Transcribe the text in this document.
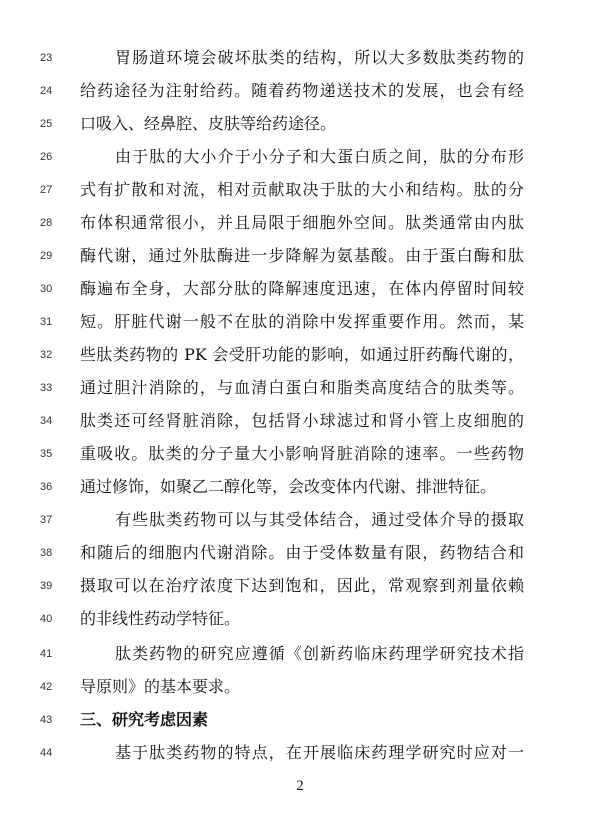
23	胃肠道环境会破坏肽类的结构，所以大多数肽类药物的
24	给药途径为注射给药。随着药物递送技术的发展，也会有经
25	口吸入、经鼻腔、皮肤等给药途径。
26	由于肽的大小介于小分子和大蛋白质之间，肽的分布形
27	式有扩散和对流，相对贡献取决于肽的大小和结构。肽的分
28	布体积通常很小，并且局限于细胞外空间。肽类通常由内肽
29	酶代谢，通过外肽酶进一步降解为氨基酸。由于蛋白酶和肽
30	酶遍布全身，大部分肽的降解速度迅速，在体内停留时间较
31	短。肝脏代谢一般不在肽的消除中发挥重要作用。然而，某
32	些肽类药物的 PK 会受肝功能的影响，如通过肝药酶代谢的，
33	通过胆汁消除的，与血清白蛋白和脂类高度结合的肽类等。
34	肽类还可经肾脏消除，包括肾小球滤过和肾小管上皮细胞的
35	重吸收。肽类的分子量大小影响肾脏消除的速率。一些药物
36	通过修饰，如聚乙二醇化等，会改变体内代谢、排泄特征。
37	有些肽类药物可以与其受体结合，通过受体介导的摄取
38	和随后的细胞内代谢消除。由于受体数量有限，药物结合和
39	摄取可以在治疗浓度下达到饱和，因此，常观察到剂量依赖
40	的非线性药动学特征。
41	肽类药物的研究应遵循《创新药临床药理学研究技术指
42	导原则》的基本要求。
43	三、研究考虑因素
44	基于肽类药物的特点，在开展临床药理学研究时应对一
2
